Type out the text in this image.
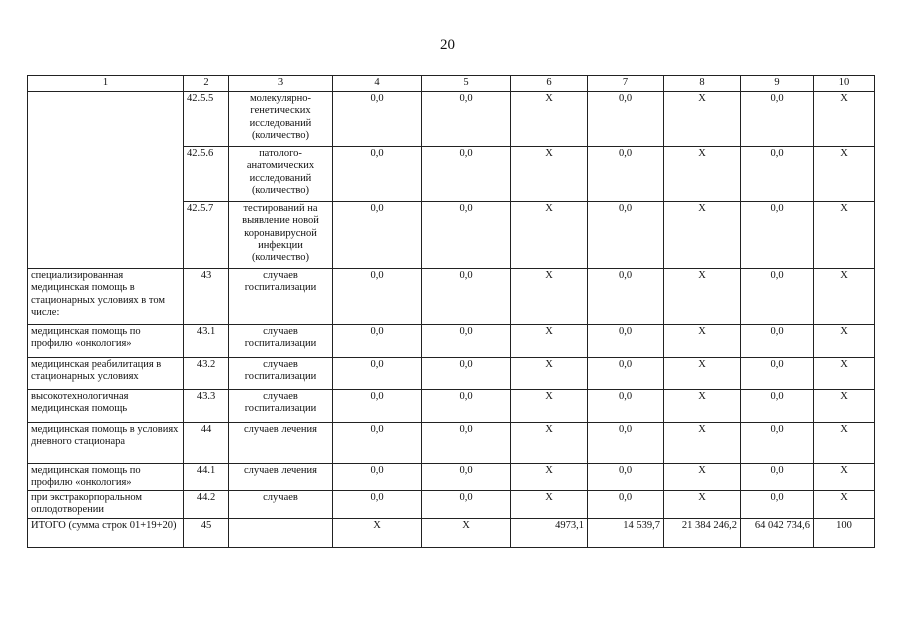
20
1	2	3	4	5	6	7	8	9	10
	42.5.5	молекулярно-генетических исследований (количество)	0,0	0,0	X	0,0	X	0,0	X
	42.5.6	патолого-анатомических исследований (количество)	0,0	0,0	X	0,0	X	0,0	X
	42.5.7	тестирований на выявление новой коронавирусной инфекции (количество)	0,0	0,0	X	0,0	X	0,0	X
специализированная медицинская помощь в стационарных условиях в том числе:	43	случаев госпитализации	0,0	0,0	X	0,0	X	0,0	X
медицинская помощь по профилю «онкология»	43.1	случаев госпитализации	0,0	0,0	X	0,0	X	0,0	X
медицинская реабилитация в стационарных условиях	43.2	случаев госпитализации	0,0	0,0	X	0,0	X	0,0	X
высокотехнологичная медицинская помощь	43.3	случаев госпитализации	0,0	0,0	X	0,0	X	0,0	X
медицинская помощь в условиях дневного стационара	44	случаев лечения	0,0	0,0	X	0,0	X	0,0	X
медицинская помощь по профилю «онкология»	44.1	случаев лечения	0,0	0,0	X	0,0	X	0,0	X
при экстракорпоральном оплодотворении	44.2	случаев	0,0	0,0	X	0,0	X	0,0	X
ИТОГО (сумма строк 01+19+20)	45		X	X	4973,1	14 539,7	21 384 246,2	64 042 734,6	100
